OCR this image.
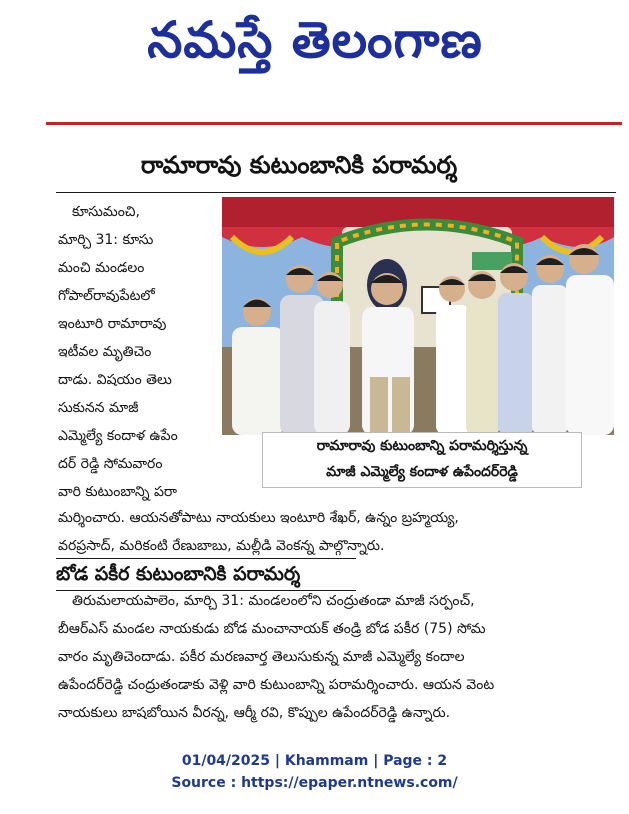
నమస్తే తెలంగాణ
రామారావు కుటుంబానికి పరామర్శ
కూసుమంచి,
మార్చి 31: కూసు
మంచి మండలం
గోపాల్‌రావుపేటలో
ఇంటూరి రామారావు
ఇటీవల మృతిచెం
దాడు. విషయం తెలు
సుకునన మాజీ
ఎమ్మెల్యే కందాళ ఉపేం
దర్ రెడ్డి సోమవారం
వారి కుటుంబాన్ని పరా
రామారావు కుటుంబాన్ని పరామర్శిస్తున్న
మాజీ ఎమ్మెల్యే కందాళ ఉపేందర్‌రెడ్డి
మర్శించారు. ఆయనతోపాటు నాయకులు ఇంటూరి శేఖర్, ఉన్నం బ్రహ్మయ్య,
వరప్రసాద్, మరికంటి రేణుబాబు, మల్లీడి వెంకన్న పాల్గొన్నారు.
బోడ పకీర కుటుంబానికి పరామర్శ
తిరుమలాయపాలెం, మార్చి 31: మండలంలోని చంద్రుతండా మాజీ సర్పంచ్,
బీఆర్ఎస్ మండల నాయకుడు బోడ మంచానాయక్ తండ్రి బోడ పకీర (75) సోమ
వారం మృతిచెందాడు. పకీర మరణవార్త తెలుసుకున్న మాజీ ఎమ్మెల్యే కందాల
ఉపేందర్‌రెడ్డి చంద్రుతండాకు వెళ్లి వారి కుటుంబాన్ని పరామర్శించారు. ఆయన వెంట
నాయకులు బాషబోయిన వీరన్న, ఆర్మీ రవి, కొప్పుల ఉపేందర్‌రెడ్డి ఉన్నారు.
01/04/2025 | Khammam | Page : 2
Source : https://epaper.ntnews.com/
